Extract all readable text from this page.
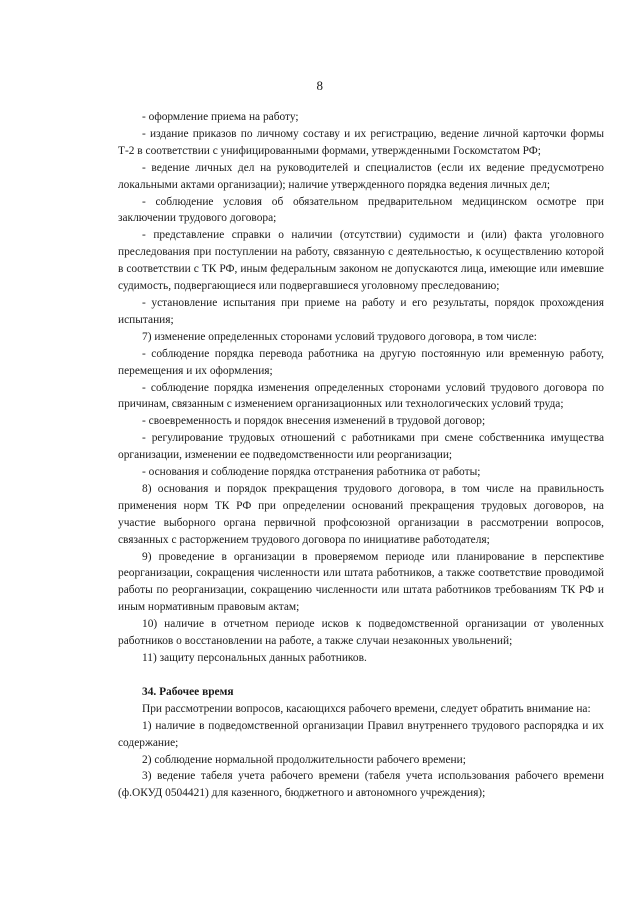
8

- оформление приема на работу;

- издание приказов по личному составу и их регистрацию, ведение личной карточки формы Т-2 в соответствии с унифицированными формами, утвержденными Госкомстатом РФ;

- ведение личных дел на руководителей и специалистов (если их ведение предусмотрено локальными актами организации); наличие утвержденного порядка ведения личных дел;

- соблюдение условия об обязательном предварительном медицинском осмотре при заключении трудового договора;

- представление справки о наличии (отсутствии) судимости и (или) факта уголовного преследования при поступлении на работу, связанную с деятельностью, к осуществлению которой в соответствии с ТК РФ, иным федеральным законом не допускаются лица, имеющие или имевшие судимость, подвергающиеся или подвергавшиеся уголовному преследованию;

- установление испытания при приеме на работу и его результаты, порядок прохождения испытания;

7) изменение определенных сторонами условий трудового договора, в том числе:

- соблюдение порядка перевода работника на другую постоянную или временную работу, перемещения и их оформления;

- соблюдение порядка изменения определенных сторонами условий трудового договора по причинам, связанным с изменением организационных или технологических условий труда;

- своевременность и порядок внесения изменений в трудовой договор;

- регулирование трудовых отношений с работниками при смене собственника имущества организации, изменении ее подведомственности или реорганизации;

- основания и соблюдение порядка отстранения работника от работы;

8) основания и порядок прекращения трудового договора, в том числе на правильность применения норм ТК РФ при определении оснований прекращения трудовых договоров, на участие выборного органа первичной профсоюзной организации в рассмотрении вопросов, связанных с расторжением трудового договора по инициативе работодателя;

9) проведение в организации в проверяемом периоде или планирование в перспективе реорганизации, сокращения численности или штата работников, а также соответствие проводимой работы по реорганизации, сокращению численности или штата работников требованиям ТК РФ и иным нормативным правовым актам;

10) наличие в отчетном периоде исков к подведомственной организации от уволенных работников о восстановлении на работе, а также случаи незаконных увольнений;

11) защиту персональных данных работников.

34. Рабочее время

При рассмотрении вопросов, касающихся рабочего времени, следует обратить внимание на:

1) наличие в подведомственной организации Правил внутреннего трудового распорядка и их содержание;

2) соблюдение нормальной продолжительности рабочего времени;

3) ведение табеля учета рабочего времени (табеля учета использования рабочего времени (ф.ОКУД 0504421) для казенного, бюджетного и автономного учреждения);
